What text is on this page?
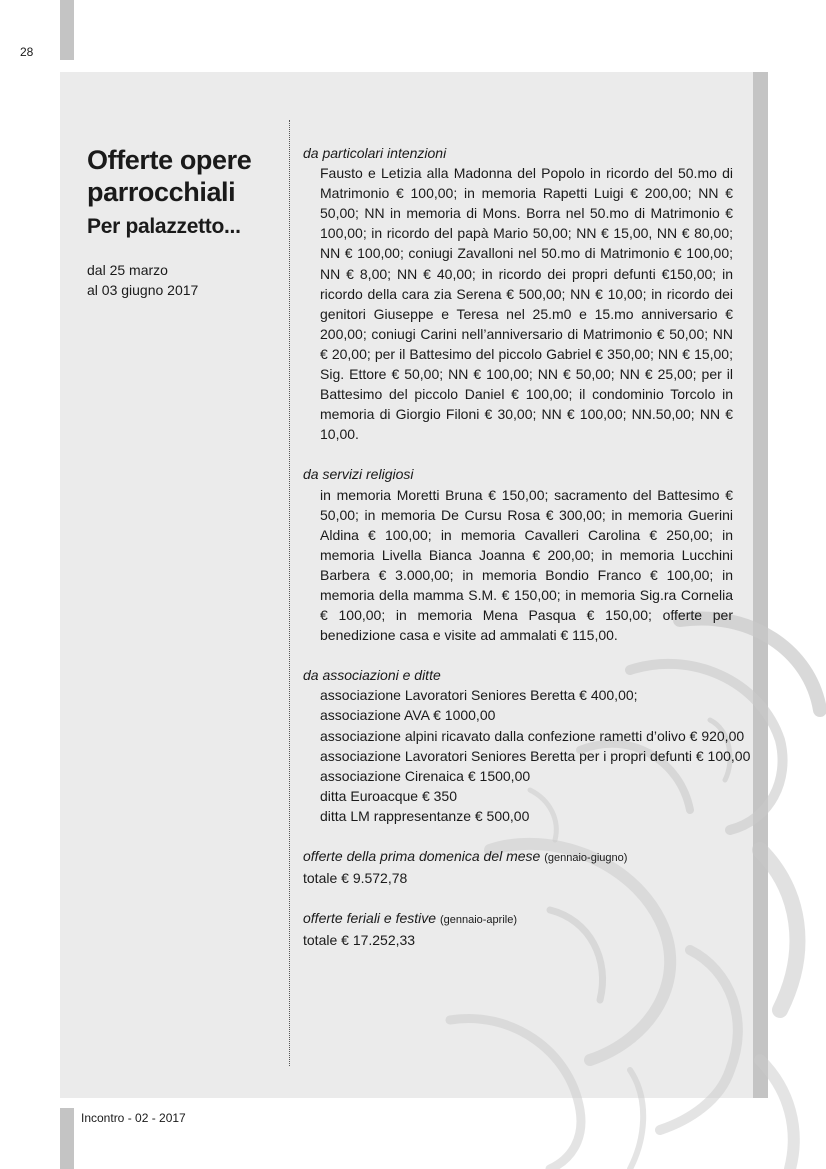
28
Offerte opere parrocchiali
Per palazzetto...
dal 25 marzo
al 03 giugno 2017
da particolari intenzioni
Fausto e Letizia alla Madonna del Popolo in ricordo del 50.mo di Matrimonio € 100,00; in memoria Rapetti Luigi € 200,00; NN € 50,00; NN in memoria di Mons. Borra nel 50.mo di Matrimonio € 100,00; in ricordo del papà Mario 50,00; NN € 15,00, NN € 80,00; NN € 100,00; coniugi Zavalloni nel 50.mo di Matrimonio € 100,00; NN € 8,00; NN € 40,00; in ricordo dei propri defunti €150,00; in ricordo della cara zia Serena € 500,00; NN € 10,00; in ricordo dei genitori Giuseppe e Teresa nel 25.m0 e 15.mo anniversario € 200,00; coniugi Carini nell’anniversario di Matrimonio € 50,00; NN € 20,00; per il Battesimo del piccolo Gabriel € 350,00; NN € 15,00; Sig. Ettore € 50,00; NN € 100,00; NN € 50,00; NN € 25,00; per il Battesimo del piccolo Daniel € 100,00; il condominio Torcolo in memoria di Giorgio Filoni € 30,00; NN € 100,00; NN.50,00; NN € 10,00.
da servizi religiosi
in memoria Moretti Bruna € 150,00; sacramento del Battesimo € 50,00; in memoria De Cursu Rosa € 300,00; in memoria Guerini Aldina € 100,00; in memoria Cavalleri Carolina € 250,00; in memoria Livella Bianca Joanna € 200,00; in memoria Lucchini Barbera € 3.000,00; in memoria Bondio Franco € 100,00; in memoria della mamma S.M. € 150,00; in memoria Sig.ra Cornelia € 100,00; in memoria Mena Pasqua € 150,00; offerte per benedizione casa e visite ad ammalati € 115,00.
da associazioni e ditte
associazione Lavoratori Seniores Beretta € 400,00;
associazione AVA € 1000,00
associazione alpini ricavato dalla confezione rametti d’olivo € 920,00
associazione Lavoratori Seniores Beretta per i propri defunti € 100,00
associazione Cirenaica € 1500,00
ditta Euroacque € 350
ditta LM rappresentanze € 500,00
offerte della prima domenica del mese (gennaio-giugno)
totale € 9.572,78
offerte feriali e festive (gennaio-aprile)
totale € 17.252,33
Incontro - 02 - 2017
